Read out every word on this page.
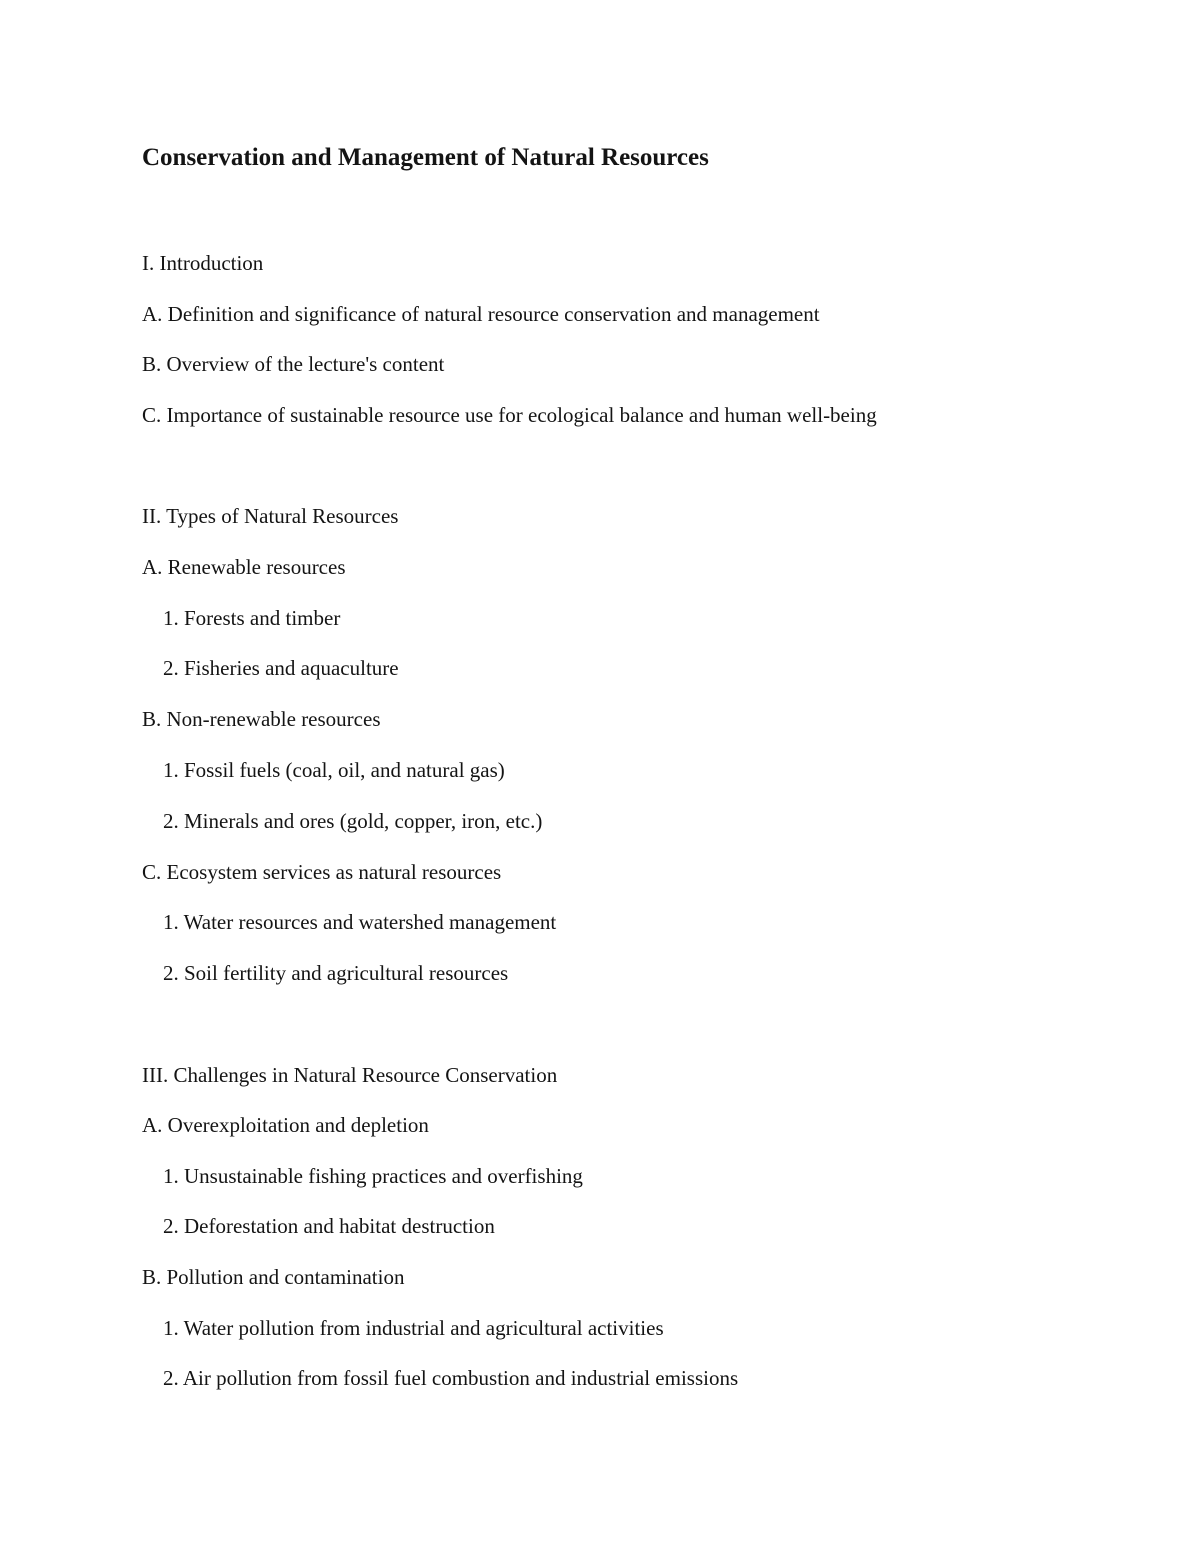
Conservation and Management of Natural Resources
I. Introduction
A. Definition and significance of natural resource conservation and management
B. Overview of the lecture's content
C. Importance of sustainable resource use for ecological balance and human well-being
II. Types of Natural Resources
A. Renewable resources
1. Forests and timber
2. Fisheries and aquaculture
B. Non-renewable resources
1. Fossil fuels (coal, oil, and natural gas)
2. Minerals and ores (gold, copper, iron, etc.)
C. Ecosystem services as natural resources
1. Water resources and watershed management
2. Soil fertility and agricultural resources
III. Challenges in Natural Resource Conservation
A. Overexploitation and depletion
1. Unsustainable fishing practices and overfishing
2. Deforestation and habitat destruction
B. Pollution and contamination
1. Water pollution from industrial and agricultural activities
2. Air pollution from fossil fuel combustion and industrial emissions
